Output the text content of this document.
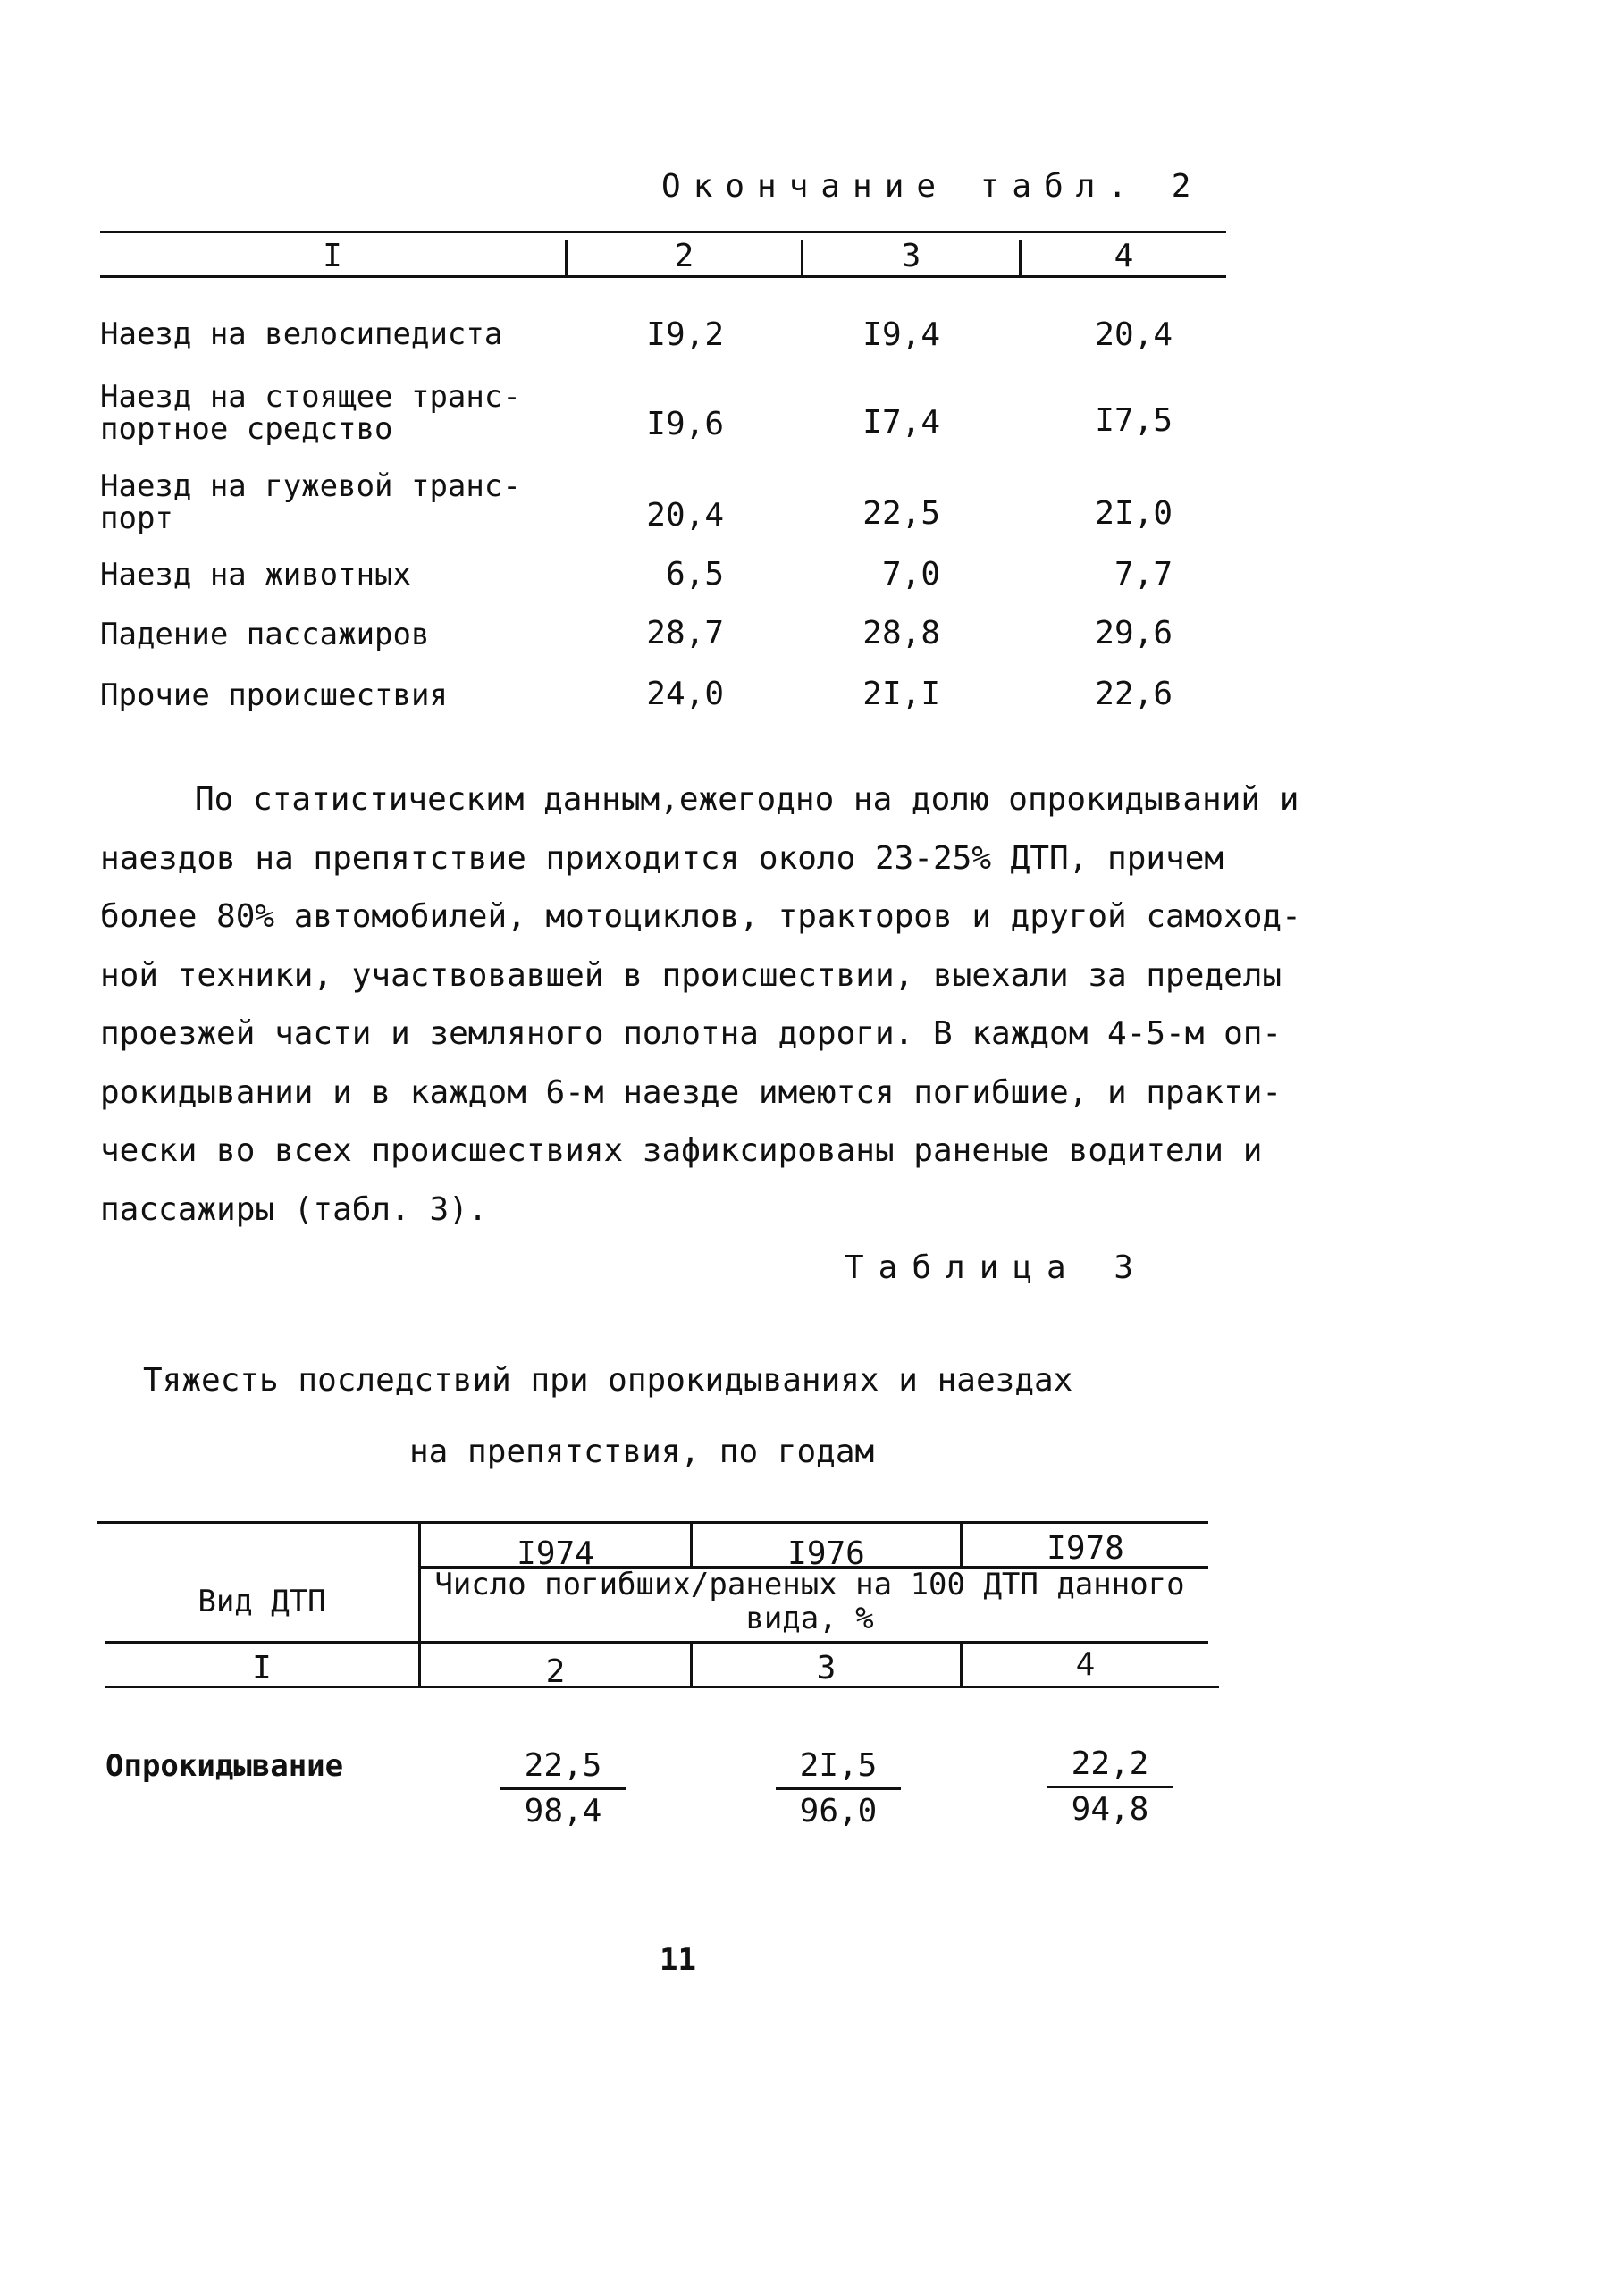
Окончание табл. 2
I	2	3	4
Наезд на велосипедиста	I9,2	I9,4	20,4
Наезд на стоящее транс-портное средство	I9,6	I7,4	I7,5
Наезд на гужевой транс-порт	20,4	22,5	2I,0
Наезд на животных	6,5	7,0	7,7
Падение пассажиров	28,7	28,8	29,6
Прочие происшествия	24,0	2I,I	22,6

По статистическим данным,ежегодно на долю опрокидываний и
наездов на препятствие приходится около 23-25% ДТП, причем
более 80% автомобилей, мотоциклов, тракторов и другой самоход-
ной техники, участвовавшей в происшествии, выехали за пределы
проезжей части и земляного полотна дороги. В каждом 4-5-м оп-
рокидывании и в каждом 6-м наезде имеются погибшие, и практи-
чески во всех происшествиях зафиксированы раненые водители и
пассажиры (табл. 3).

Таблица 3

Тяжесть последствий при опрокидываниях и наездах
на препятствия, по годам

Вид ДТП
I974	I976	I978
Число погибших/раненых на 100 ДТП данного вида, %
I	2	3	4
Опрокидывание	$\frac{22,5}{98,4}$	$\frac{2I,5}{96,0}$	$\frac{22,2}{94,8}$
11
